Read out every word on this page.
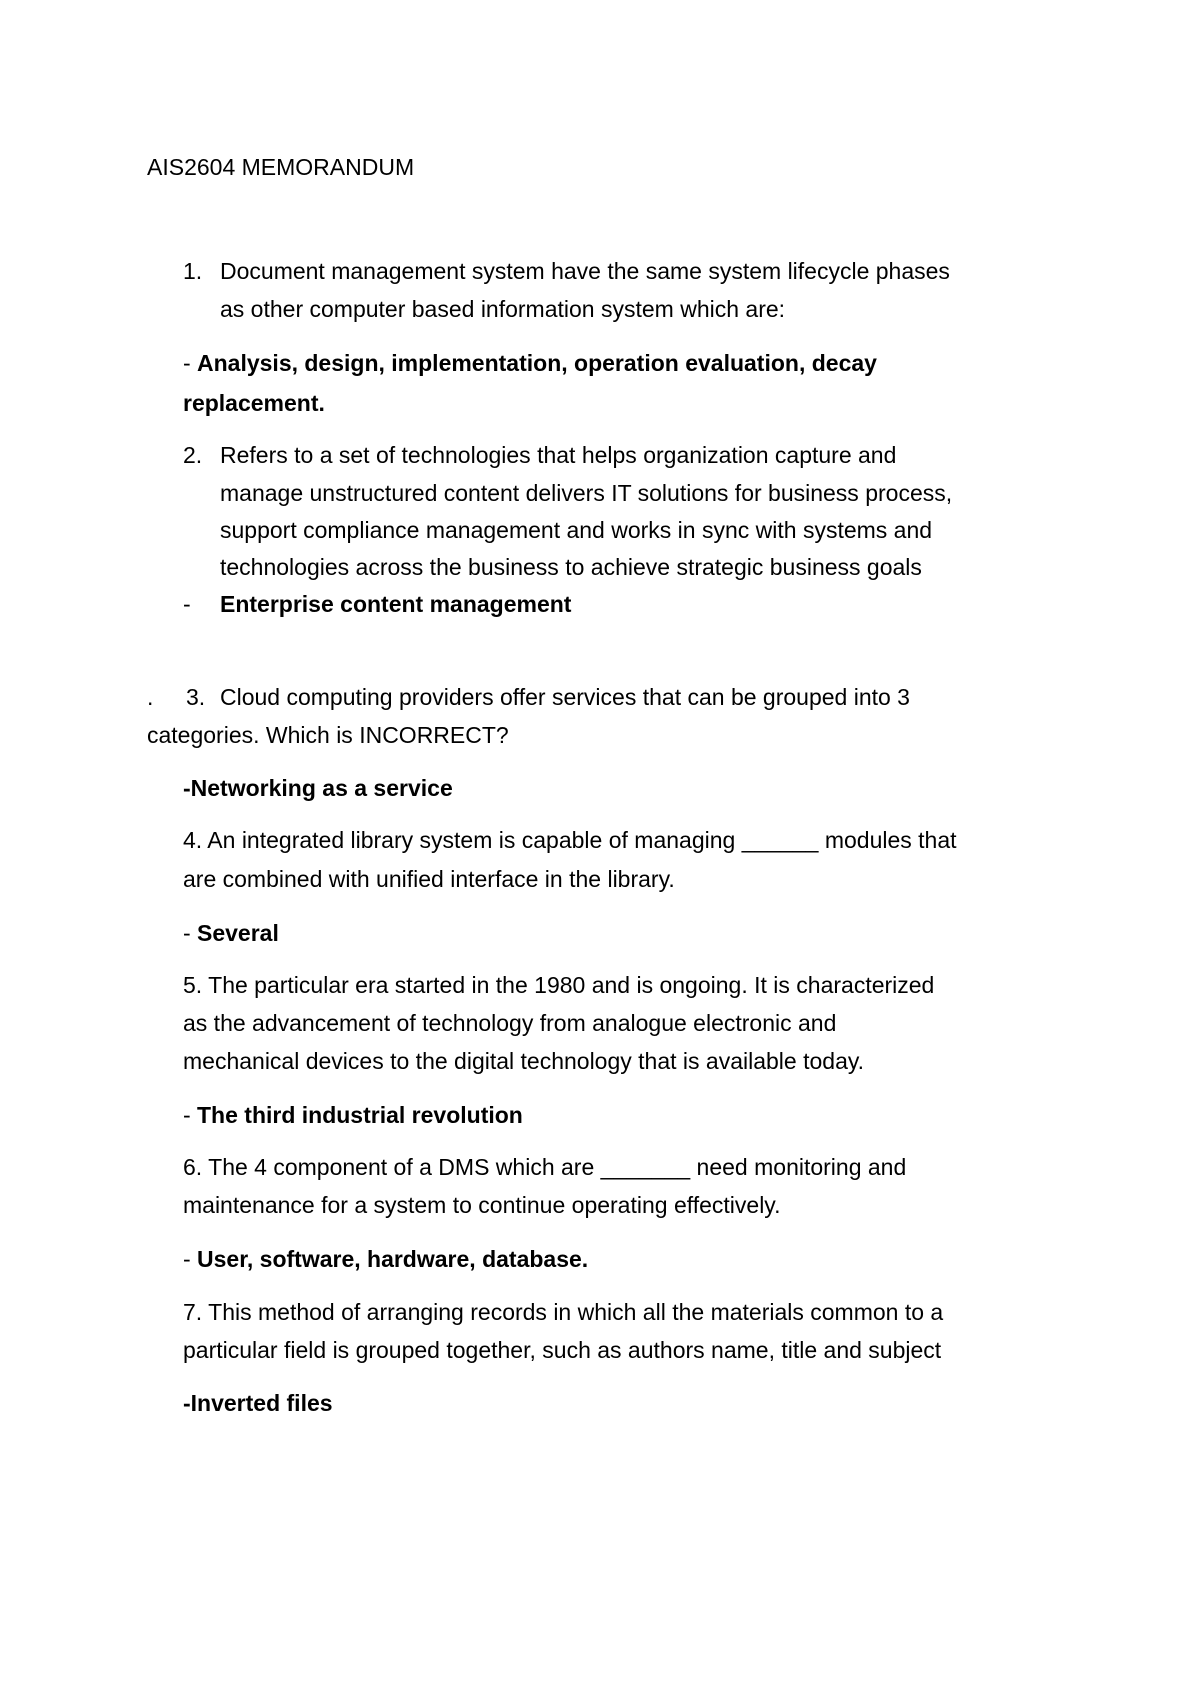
AIS2604 MEMORANDUM
1. Document management system have the same system lifecycle phases
as other computer based information system which are:
- Analysis, design, implementation, operation evaluation, decay
replacement.
2. Refers to a set of technologies that helps organization capture and
manage unstructured content delivers IT solutions for business process,
support compliance management and works in sync with systems and
technologies across the business to achieve strategic business goals
- Enterprise content management
. 3. Cloud computing providers offer services that can be grouped into 3
categories. Which is INCORRECT?
-Networking as a service
4. An integrated library system is capable of managing ______ modules that
are combined with unified interface in the library.
- Several
5. The particular era started in the 1980 and is ongoing. It is characterized
as the advancement of technology from analogue electronic and
mechanical devices to the digital technology that is available today.
- The third industrial revolution
6. The 4 component of a DMS which are _______ need monitoring and
maintenance for a system to continue operating effectively.
- User, software, hardware, database.
7. This method of arranging records in which all the materials common to a
particular field is grouped together, such as authors name, title and subject
-Inverted files
